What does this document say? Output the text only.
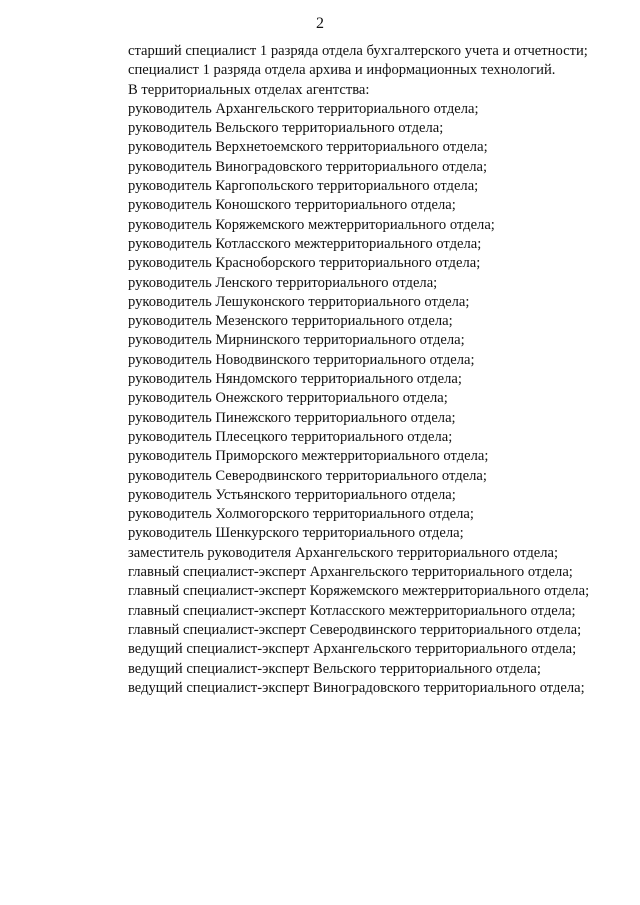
2

старший специалист 1 разряда отдела бухгалтерского учета и отчетности;

специалист 1 разряда отдела архива и информационных технологий.

В территориальных отделах агентства:

руководитель Архангельского территориального отдела;

руководитель Вельского территориального отдела;

руководитель Верхнетоемского территориального отдела;

руководитель Виноградовского территориального отдела;

руководитель Каргопольского территориального отдела;

руководитель Коношского территориального отдела;

руководитель Коряжемского межтерриториального отдела;

руководитель Котласского межтерриториального отдела;

руководитель Красноборского территориального отдела;

руководитель Ленского территориального отдела;

руководитель Лешуконского территориального отдела;

руководитель Мезенского территориального отдела;

руководитель Мирнинского территориального отдела;

руководитель Новодвинского территориального отдела;

руководитель Няндомского территориального отдела;

руководитель Онежского территориального отдела;

руководитель Пинежского территориального отдела;

руководитель Плесецкого территориального отдела;

руководитель Приморского межтерриториального отдела;

руководитель Северодвинского территориального отдела;

руководитель Устьянского территориального отдела;

руководитель Холмогорского территориального отдела;

руководитель Шенкурского территориального отдела;

заместитель руководителя Архангельского территориального отдела;

главный специалист-эксперт Архангельского территориального отдела;

главный специалист-эксперт Коряжемского межтерриториального отдела;

главный специалист-эксперт Котласского межтерриториального отдела;

главный специалист-эксперт Северодвинского территориального отдела;

ведущий специалист-эксперт Архангельского территориального отдела;

ведущий специалист-эксперт Вельского территориального отдела;

ведущий специалист-эксперт Виноградовского территориального отдела;
